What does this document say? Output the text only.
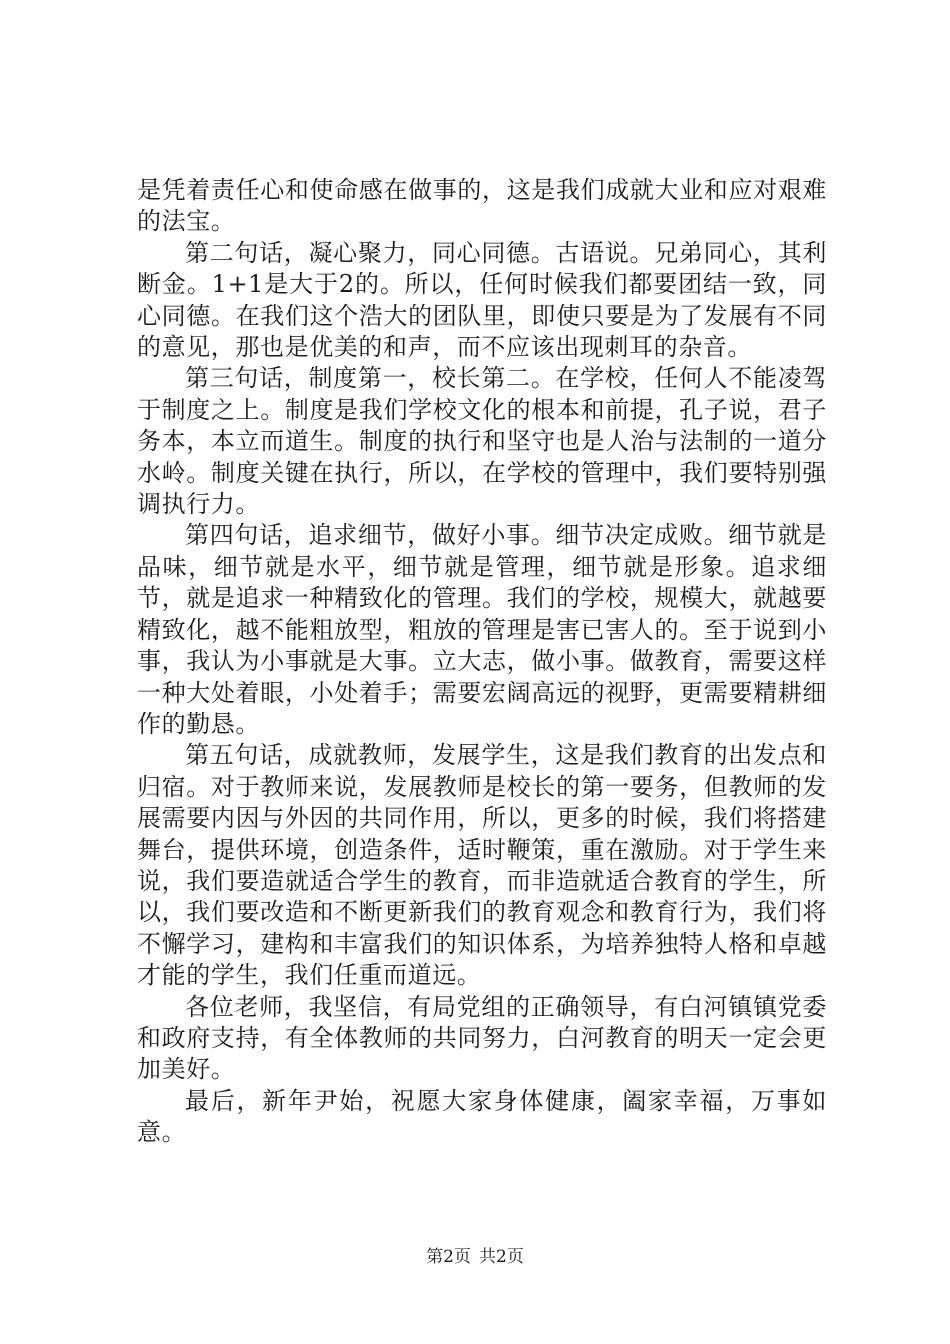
是凭着责任心和使命感在做事的，这是我们成就大业和应对艰难的法宝。

第二句话，凝心聚力，同心同德。古语说。兄弟同心，其利断金。1+1是大于2的。所以，任何时候我们都要团结一致，同心同德。在我们这个浩大的团队里，即使只要是为了发展有不同的意见，那也是优美的和声，而不应该出现刺耳的杂音。

第三句话，制度第一，校长第二。在学校，任何人不能凌驾于制度之上。制度是我们学校文化的根本和前提，孔子说，君子务本，本立而道生。制度的执行和坚守也是人治与法制的一道分水岭。制度关键在执行，所以，在学校的管理中，我们要特别强调执行力。

第四句话，追求细节，做好小事。细节决定成败。细节就是品味，细节就是水平，细节就是管理，细节就是形象。追求细节，就是追求一种精致化的管理。我们的学校，规模大，就越要精致化，越不能粗放型，粗放的管理是害已害人的。至于说到小事，我认为小事就是大事。立大志，做小事。做教育，需要这样一种大处着眼，小处着手；需要宏阔高远的视野，更需要精耕细作的勤恳。

第五句话，成就教师，发展学生，这是我们教育的出发点和归宿。对于教师来说，发展教师是校长的第一要务，但教师的发展需要内因与外因的共同作用，所以，更多的时候，我们将搭建舞台，提供环境，创造条件，适时鞭策，重在激励。对于学生来说，我们要造就适合学生的教育，而非造就适合教育的学生，所以，我们要改造和不断更新我们的教育观念和教育行为，我们将不懈学习，建构和丰富我们的知识体系，为培养独特人格和卓越才能的学生，我们任重而道远。

各位老师，我坚信，有局党组的正确领导，有白河镇镇党委和政府支持，有全体教师的共同努力，白河教育的明天一定会更加美好。

最后，新年尹始，祝愿大家身体健康，阖家幸福，万事如意。

第2页 共2页
